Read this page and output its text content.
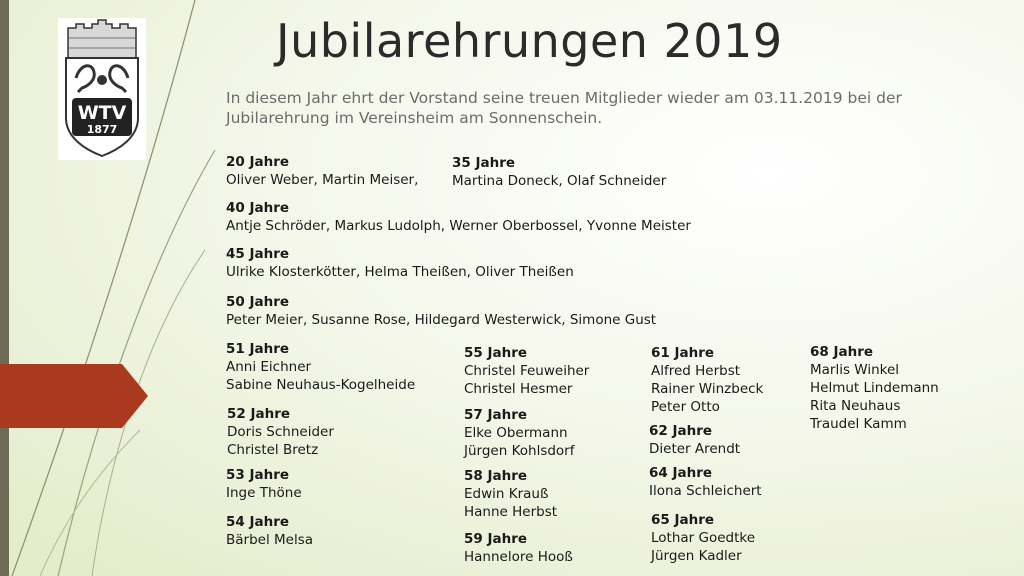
WTV
1877
Jubilarehrungen 2019
In diesem Jahr ehrt der Vorstand seine treuen Mitglieder wieder am 03.11.2019 bei der Jubilarehrung im Vereinsheim am Sonnenschein.
20 Jahre
Oliver Weber, Martin Meiser,
35 Jahre
Martina Doneck, Olaf Schneider
40 Jahre
Antje Schröder, Markus Ludolph, Werner Oberbossel, Yvonne Meister
45 Jahre
Ulrike Klosterkötter, Helma Theißen, Oliver Theißen
50 Jahre
Peter Meier, Susanne Rose, Hildegard Westerwick, Simone Gust
51 Jahre
Anni Eichner
Sabine Neuhaus-Kogelheide
52 Jahre
Doris Schneider
Christel Bretz
53 Jahre
Inge Thöne
54 Jahre
Bärbel Melsa
55 Jahre
Christel Feuweiher
Christel Hesmer
57 Jahre
Elke Obermann
Jürgen Kohlsdorf
58 Jahre
Edwin Krauß
Hanne Herbst
59 Jahre
Hannelore Hooß
61 Jahre
Alfred Herbst
Rainer Winzbeck
Peter Otto
62 Jahre
Dieter Arendt
64 Jahre
Ilona Schleichert
65 Jahre
Lothar Goedtke
Jürgen Kadler
68 Jahre
Marlis Winkel
Helmut Lindemann
Rita Neuhaus
Traudel Kamm
